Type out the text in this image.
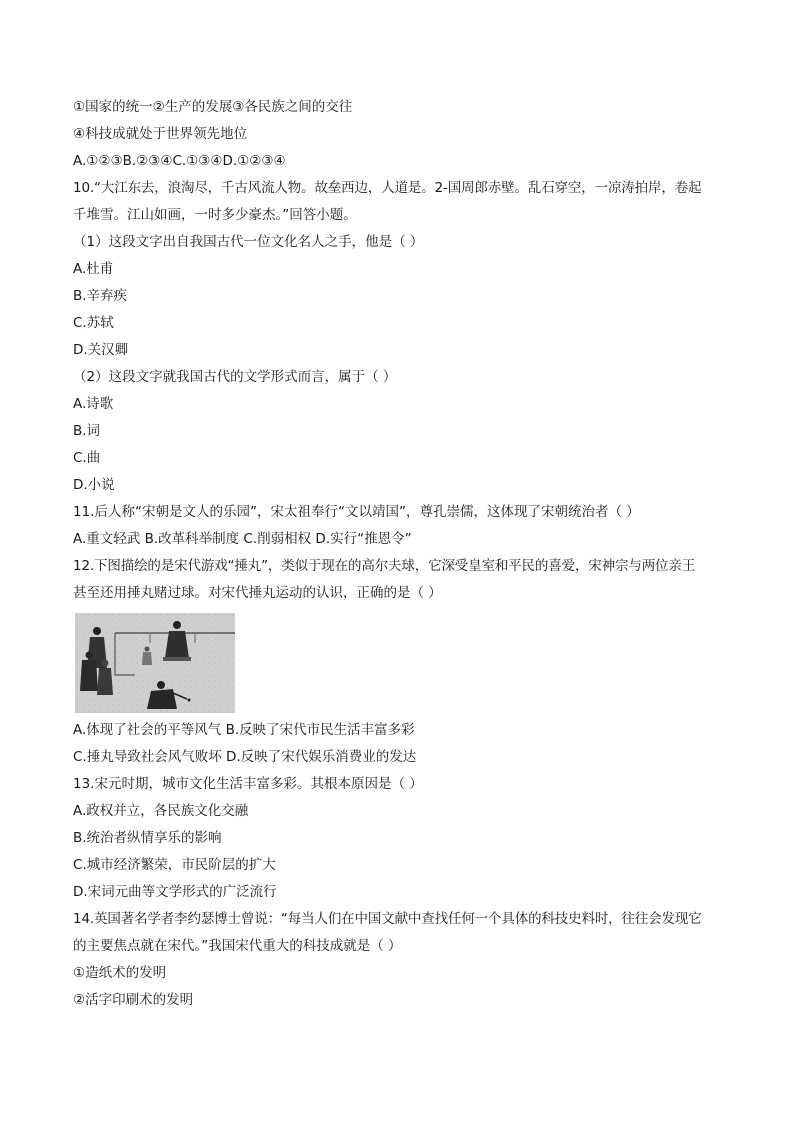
①国家的统一②生产的发展③各民族之间的交往
④科技成就处于世界领先地位
A.①②③B.②③④C.①③④D.①②③④
10.“大江东去，浪淘尽，千古风流人物。故垒西边，人道是。2-国周郎赤壁。乱石穿空，一凉涛拍岸，卷起
千堆雪。江山如画，一时多少豪杰。”回答小题。
（1）这段文字出自我国古代一位文化名人之手，他是（ ）
A.杜甫
B.辛弃疾
C.苏轼
D.关汉卿
（2）这段文字就我国古代的文学形式而言，属于（ ）
A.诗歌
B.词
C.曲
D.小说
11.后人称“宋朝是文人的乐园”，宋太祖奉行“文以靖国”，尊孔崇儒，这体现了宋朝统治者（ ）
A.重文轻武 B.改革科举制度 C.削弱相权 D.实行“推恩令”
12.下图描绘的是宋代游戏“捶丸”，类似于现在的高尔夫球，它深受皇室和平民的喜爱，宋神宗与两位亲王
甚至还用捶丸赌过球。对宋代捶丸运动的认识，正确的是（ ）
A.体现了社会的平等风气 B.反映了宋代市民生活丰富多彩
C.捶丸导致社会风气败坏 D.反映了宋代娱乐消费业的发达
13.宋元时期，城市文化生活丰富多彩。其根本原因是（ ）
A.政权并立，各民族文化交融
B.统治者纵情享乐的影响
C.城市经济繁荣，市民阶层的扩大
D.宋词元曲等文学形式的广泛流行
14.英国著名学者李约瑟博士曾说：“每当人们在中国文献中查找任何一个具体的科技史料时，往往会发现它
的主要焦点就在宋代。”我国宋代重大的科技成就是（ ）
①造纸术的发明
②活字印刷术的发明
